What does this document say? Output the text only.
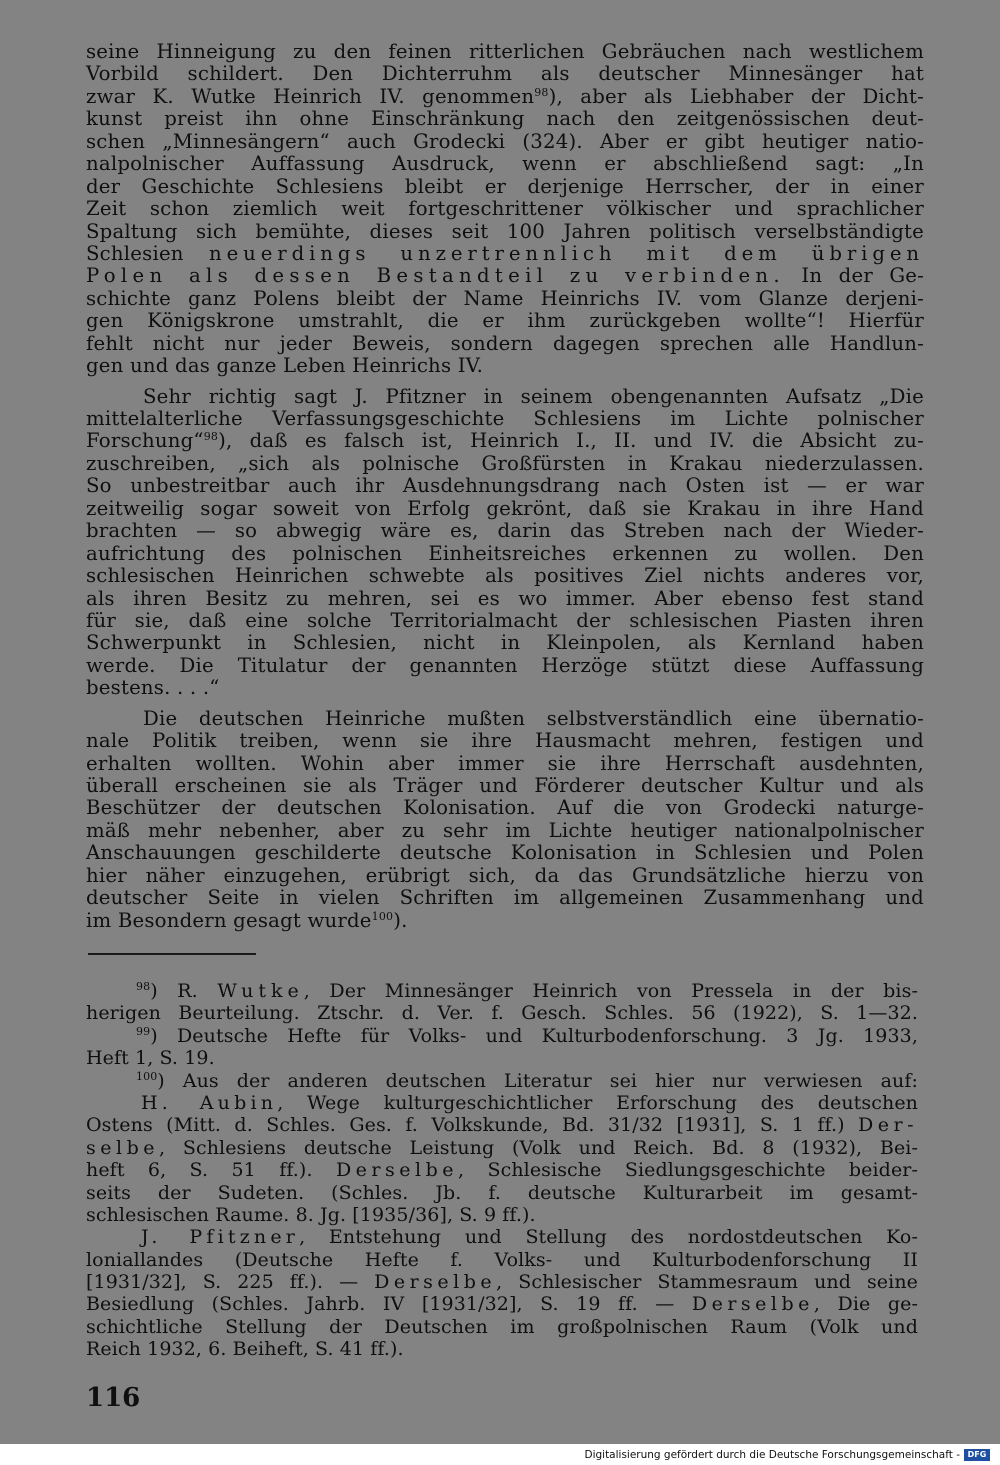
seine Hinneigung zu den feinen ritterlichen Gebräuchen nach westlichem
Vorbild schildert. Den Dichterruhm als deutscher Minnesänger hat
zwar K. Wutke Heinrich IV. genommen$^{98}$), aber als Liebhaber der Dicht-
kunst preist ihn ohne Einschränkung nach den zeitgenössischen deut-
schen „Minnesängern“ auch Grodecki (324). Aber er gibt heutiger natio-
nalpolnischer Auffassung Ausdruck, wenn er abschließend sagt: „In
der Geschichte Schlesiens bleibt er derjenige Herrscher, der in einer
Zeit schon ziemlich weit fortgeschrittener völkischer und sprachlicher
Spaltung sich bemühte, dieses seit 100 Jahren politisch verselbständigte
Schlesien neuerdings unzertrennlich mit dem übrigen
Polen als dessen Bestandteil zu verbinden. In der Ge-
schichte ganz Polens bleibt der Name Heinrichs IV. vom Glanze derjeni-
gen Königskrone umstrahlt, die er ihm zurückgeben wollte“! Hierfür
fehlt nicht nur jeder Beweis, sondern dagegen sprechen alle Handlun-
gen und das ganze Leben Heinrichs IV.
Sehr richtig sagt J. Pfitzner in seinem obengenannten Aufsatz „Die
mittelalterliche Verfassungsgeschichte Schlesiens im Lichte polnischer
Forschung“$^{98}$), daß es falsch ist, Heinrich I., II. und IV. die Absicht zu-
zuschreiben, „sich als polnische Großfürsten in Krakau niederzulassen.
So unbestreitbar auch ihr Ausdehnungsdrang nach Osten ist — er war
zeitweilig sogar soweit von Erfolg gekrönt, daß sie Krakau in ihre Hand
brachten — so abwegig wäre es, darin das Streben nach der Wieder-
aufrichtung des polnischen Einheitsreiches erkennen zu wollen. Den
schlesischen Heinrichen schwebte als positives Ziel nichts anderes vor,
als ihren Besitz zu mehren, sei es wo immer. Aber ebenso fest stand
für sie, daß eine solche Territorialmacht der schlesischen Piasten ihren
Schwerpunkt in Schlesien, nicht in Kleinpolen, als Kernland haben
werde. Die Titulatur der genannten Herzöge stützt diese Auffassung
bestens. . . .“
Die deutschen Heinriche mußten selbstverständlich eine übernatio-
nale Politik treiben, wenn sie ihre Hausmacht mehren, festigen und
erhalten wollten. Wohin aber immer sie ihre Herrschaft ausdehnten,
überall erscheinen sie als Träger und Förderer deutscher Kultur und als
Beschützer der deutschen Kolonisation. Auf die von Grodecki naturge-
mäß mehr nebenher, aber zu sehr im Lichte heutiger nationalpolnischer
Anschauungen geschilderte deutsche Kolonisation in Schlesien und Polen
hier näher einzugehen, erübrigt sich, da das Grundsätzliche hierzu von
deutscher Seite in vielen Schriften im allgemeinen Zusammenhang und
im Besondern gesagt wurde$^{100}$).
$^{98}$) R. Wutke, Der Minnesänger Heinrich von Pressela in der bis-
herigen Beurteilung. Ztschr. d. Ver. f. Gesch. Schles. 56 (1922), S. 1—32.
$^{99}$) Deutsche Hefte für Volks- und Kulturbodenforschung. 3 Jg. 1933,
Heft 1, S. 19.
$^{100}$) Aus der anderen deutschen Literatur sei hier nur verwiesen auf:
H. Aubin, Wege kulturgeschichtlicher Erforschung des deutschen
Ostens (Mitt. d. Schles. Ges. f. Volkskunde, Bd. 31/32 [1931], S. 1 ff.) Der-
selbe, Schlesiens deutsche Leistung (Volk und Reich. Bd. 8 (1932), Bei-
heft 6, S. 51 ff.). Derselbe, Schlesische Siedlungsgeschichte beider-
seits der Sudeten. (Schles. Jb. f. deutsche Kulturarbeit im gesamt-
schlesischen Raume. 8. Jg. [1935/36], S. 9 ff.).
J. Pfitzner, Entstehung und Stellung des nordostdeutschen Ko-
loniallandes (Deutsche Hefte f. Volks- und Kulturbodenforschung II
[1931/32], S. 225 ff.). — Derselbe, Schlesischer Stammesraum und seine
Besiedlung (Schles. Jahrb. IV [1931/32], S. 19 ff. — Derselbe, Die ge-
schichtliche Stellung der Deutschen im großpolnischen Raum (Volk und
Reich 1932, 6. Beiheft, S. 41 ff.).
116
Digitalisierung gefördert durch die Deutsche Forschungsgemeinschaft - DFG
